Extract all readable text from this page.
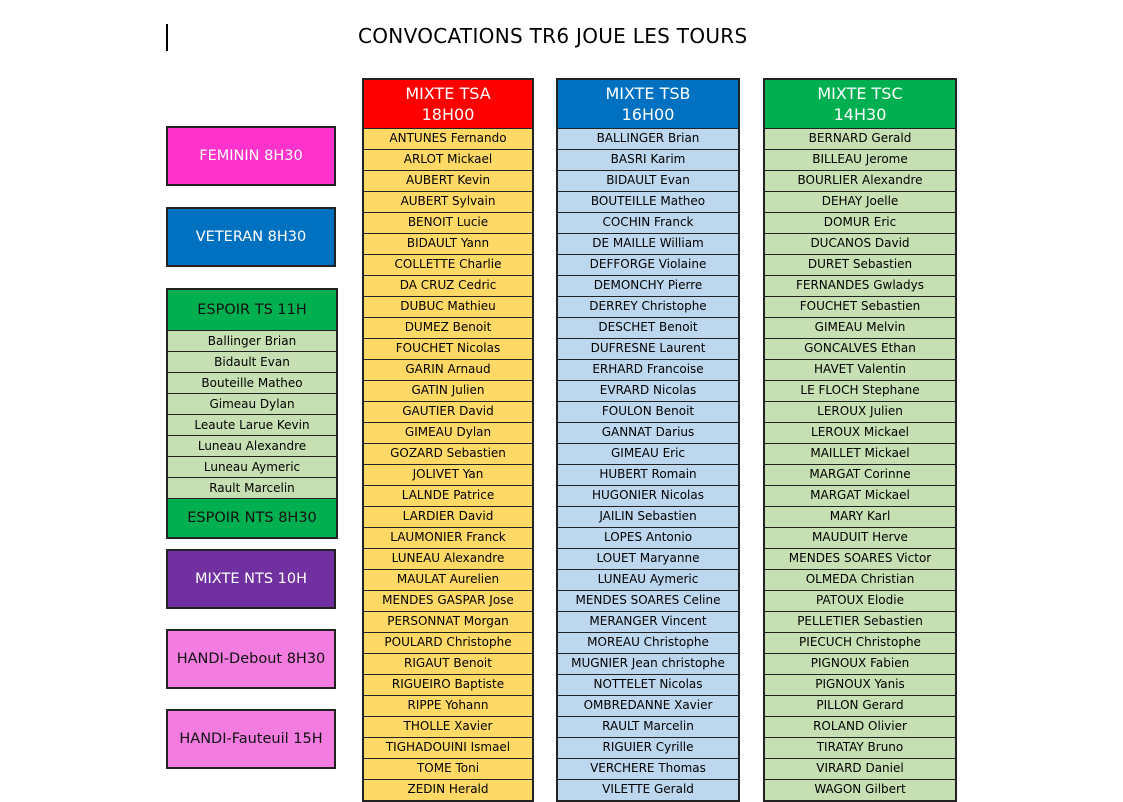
CONVOCATIONS TR6 JOUE LES TOURS
FEMININ 8H30
VETERAN 8H30
ESPOIR TS 11H
Ballinger Brian
Bidault Evan
Bouteille Matheo
Gimeau Dylan
Leaute Larue Kevin
Luneau Alexandre
Luneau Aymeric
Rault Marcelin
ESPOIR NTS 8H30
MIXTE NTS 10H
HANDI-Debout 8H30
HANDI-Fauteuil 15H
MIXTE TSA
18H00
ANTUNES Fernando
ARLOT Mickael
AUBERT Kevin
AUBERT Sylvain
BENOIT Lucie
BIDAULT Yann
COLLETTE Charlie
DA CRUZ Cedric
DUBUC Mathieu
DUMEZ Benoit
FOUCHET Nicolas
GARIN Arnaud
GATIN Julien
GAUTIER David
GIMEAU Dylan
GOZARD Sebastien
JOLIVET Yan
LALNDE Patrice
LARDIER David
LAUMONIER Franck
LUNEAU Alexandre
MAULAT Aurelien
MENDES GASPAR Jose
PERSONNAT Morgan
POULARD Christophe
RIGAUT Benoit
RIGUEIRO Baptiste
RIPPE Yohann
THOLLE Xavier
TIGHADOUINI Ismael
TOME Toni
ZEDIN Herald
MIXTE TSB
16H00
BALLINGER Brian
BASRI Karim
BIDAULT Evan
BOUTEILLE Matheo
COCHIN Franck
DE MAILLE William
DEFFORGE Violaine
DEMONCHY Pierre
DERREY Christophe
DESCHET Benoit
DUFRESNE Laurent
ERHARD Francoise
EVRARD Nicolas
FOULON Benoit
GANNAT Darius
GIMEAU Eric
HUBERT Romain
HUGONIER Nicolas
JAILIN Sebastien
LOPES Antonio
LOUET Maryanne
LUNEAU Aymeric
MENDES SOARES Celine
MERANGER Vincent
MOREAU Christophe
MUGNIER Jean christophe
NOTTELET Nicolas
OMBREDANNE Xavier
RAULT Marcelin
RIGUIER Cyrille
VERCHERE Thomas
VILETTE Gerald
MIXTE TSC
14H30
BERNARD Gerald
BILLEAU Jerome
BOURLIER Alexandre
DEHAY Joelle
DOMUR Eric
DUCANOS David
DURET Sebastien
FERNANDES Gwladys
FOUCHET Sebastien
GIMEAU Melvin
GONCALVES Ethan
HAVET Valentin
LE FLOCH Stephane
LEROUX Julien
LEROUX Mickael
MAILLET Mickael
MARGAT Corinne
MARGAT Mickael
MARY Karl
MAUDUIT Herve
MENDES SOARES Victor
OLMEDA Christian
PATOUX Elodie
PELLETIER Sebastien
PIECUCH Christophe
PIGNOUX Fabien
PIGNOUX Yanis
PILLON Gerard
ROLAND Olivier
TIRATAY Bruno
VIRARD Daniel
WAGON Gilbert
